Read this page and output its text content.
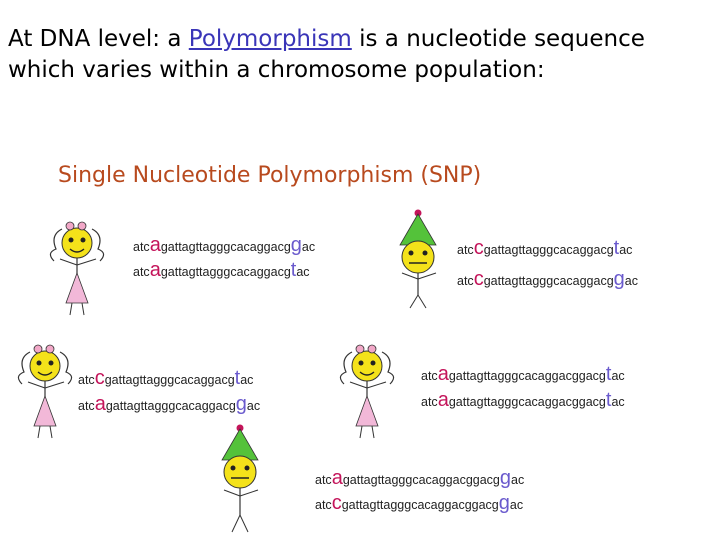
At DNA level: a Polymorphism is a nucleotide sequence which varies within a chromosome population:
Single Nucleotide Polymorphism (SNP)
atcagattagttagggcacaggacggac
atcagattagttagggcacaggacgtac
atccgattagttagggcacaggacgtac
atccgattagttagggcacaggacggac
atccgattagttagggcacaggacgtac
atcagattagttagggcacaggacggac
atcagattagttagggcacaggacggacgtac
atcagattagttagggcacaggacggacgtac
atcagattagttagggcacaggacggacggac
atccgattagttagggcacaggacggacggac
